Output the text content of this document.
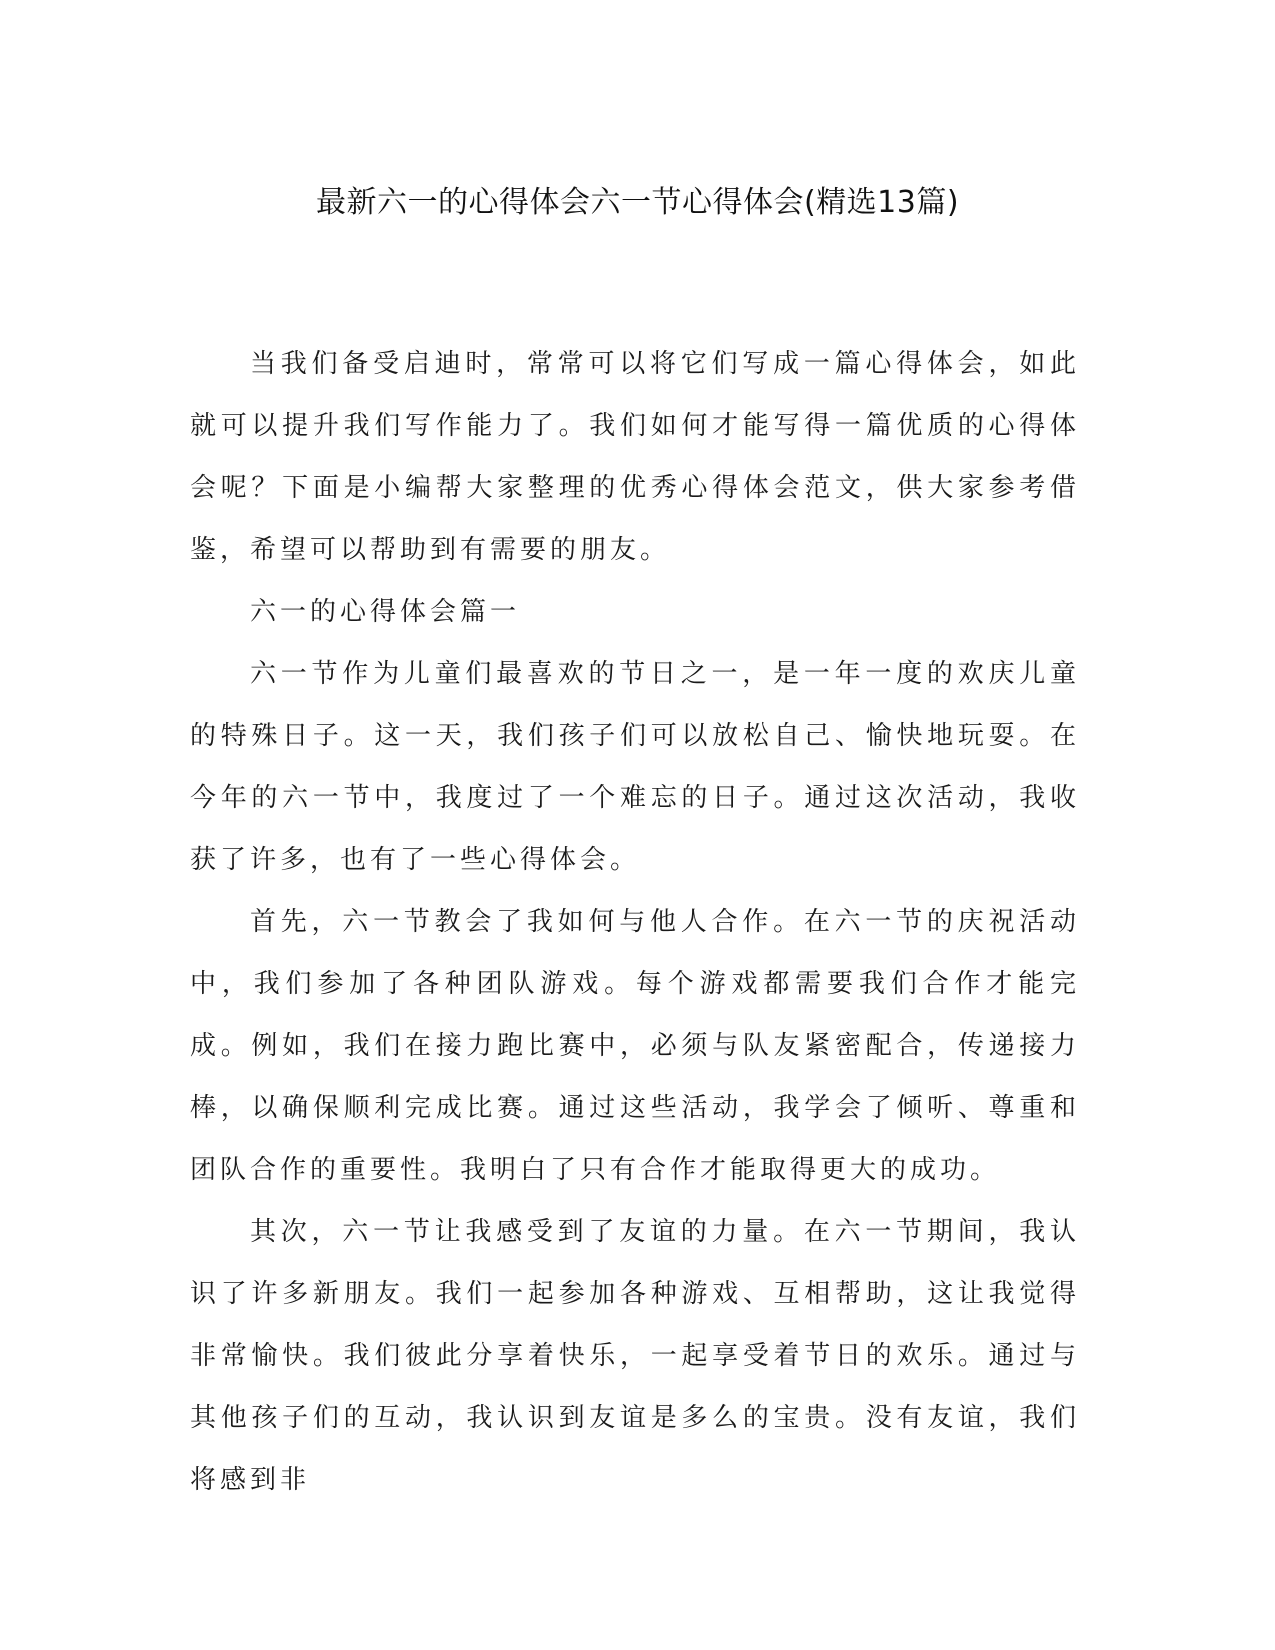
最新六一的心得体会六一节心得体会(精选13篇)

当我们备受启迪时，常常可以将它们写成一篇心得体会，如此就可以提升我们写作能力了。我们如何才能写得一篇优质的心得体会呢？下面是小编帮大家整理的优秀心得体会范文，供大家参考借鉴，希望可以帮助到有需要的朋友。

六一的心得体会篇一

六一节作为儿童们最喜欢的节日之一，是一年一度的欢庆儿童的特殊日子。这一天，我们孩子们可以放松自己、愉快地玩耍。在今年的六一节中，我度过了一个难忘的日子。通过这次活动，我收获了许多，也有了一些心得体会。

首先，六一节教会了我如何与他人合作。在六一节的庆祝活动中，我们参加了各种团队游戏。每个游戏都需要我们合作才能完成。例如，我们在接力跑比赛中，必须与队友紧密配合，传递接力棒，以确保顺利完成比赛。通过这些活动，我学会了倾听、尊重和团队合作的重要性。我明白了只有合作才能取得更大的成功。

其次，六一节让我感受到了友谊的力量。在六一节期间，我认识了许多新朋友。我们一起参加各种游戏、互相帮助，这让我觉得非常愉快。我们彼此分享着快乐，一起享受着节日的欢乐。通过与其他孩子们的互动，我认识到友谊是多么的宝贵。没有友谊，我们将感到非
